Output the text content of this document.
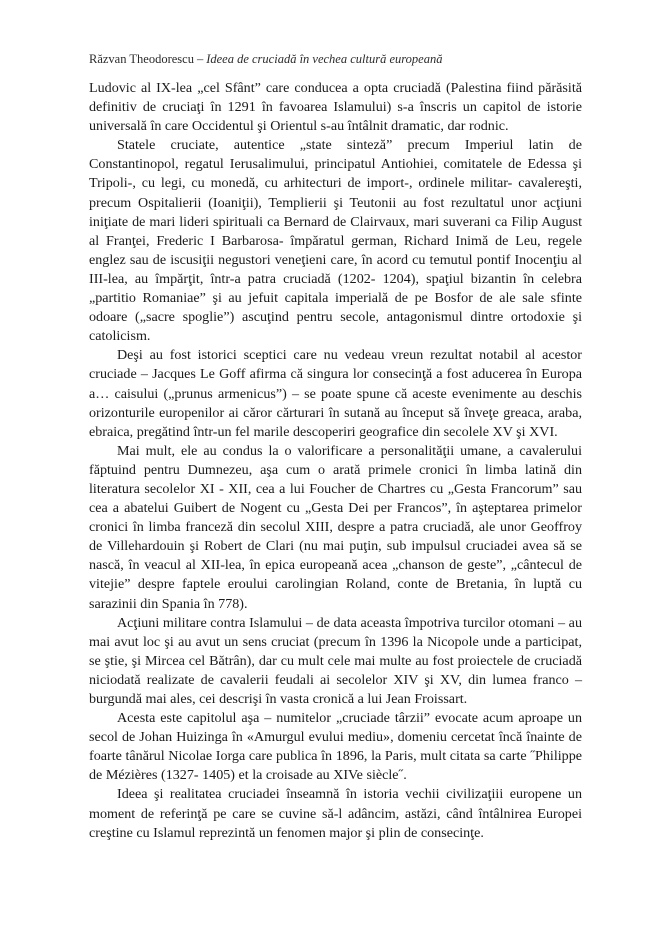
Răzvan Theodorescu – Ideea de cruciadă în vechea cultură europeană

Ludovic al IX-lea „cel Sfânt” care conducea a opta cruciadă (Palestina fiind părăsită definitiv de cruciaţi în 1291 în favoarea Islamului) s-a înscris un capitol de istorie universală în care Occidentul şi Orientul s-au întâlnit dramatic, dar rodnic.

Statele cruciate, autentice „state sinteză” precum Imperiul latin de Constantinopol, regatul Ierusalimului, principatul Antiohiei, comitatele de Edessa şi Tripoli-, cu legi, cu monedă, cu arhitecturi de import-, ordinele militar- cavalereşti, precum Ospitalierii (Ioaniţii), Templierii şi Teutonii au fost rezultatul unor acţiuni iniţiate de mari lideri spirituali ca Bernard de Clairvaux, mari suverani ca Filip August al Franţei, Frederic I Barbarosa- împăratul german, Richard Inimă de Leu, regele englez sau de iscusiţii negustori veneţieni care, în acord cu temutul pontif Inocenţiu al III-lea, au împărţit, într-a patra cruciadă (1202- 1204), spaţiul bizantin în celebra „partitio Romaniae” şi au jefuit capitala imperială de pe Bosfor de ale sale sfinte odoare („sacre spoglie”) ascuţind pentru secole, antagonismul dintre ortodoxie şi catolicism.

Deşi au fost istorici sceptici care nu vedeau vreun rezultat notabil al acestor cruciade – Jacques Le Goff afirma că singura lor consecinţă a fost aducerea în Europa a… caisului („prunus armenicus”) – se poate spune că aceste evenimente au deschis orizonturile europenilor ai căror cărturari în sutană au început să înveţe greaca, araba, ebraica, pregătind într-un fel marile descoperiri geografice din secolele XV şi XVI.

Mai mult, ele au condus la o valorificare a personalităţii umane, a cavalerului făptuind pentru Dumnezeu, aşa cum o arată primele cronici în limba latină din literatura secolelor XI - XII, cea a lui Foucher de Chartres cu „Gesta Francorum” sau cea a abatelui Guibert de Nogent cu „Gesta Dei per Francos”, în aşteptarea primelor cronici în limba franceză din secolul XIII, despre a patra cruciadă, ale unor Geoffroy de Villehardouin şi Robert de Clari (nu mai puţin, sub impulsul cruciadei avea să se nască, în veacul al XII-lea, în epica europeană acea „chanson de geste”, „cântecul de vitejie” despre faptele eroului carolingian Roland, conte de Bretania, în luptă cu sarazinii din Spania în 778).

Acţiuni militare contra Islamului – de data aceasta împotriva turcilor otomani – au mai avut loc şi au avut un sens cruciat (precum în 1396 la Nicopole unde a participat, se ştie, şi Mircea cel Bătrân), dar cu mult cele mai multe au fost proiectele de cruciadă niciodată realizate de cavalerii feudali ai secolelor XIV şi XV, din lumea franco – burgundă mai ales, cei descrişi în vasta cronică a lui Jean Froissart.

Acesta este capitolul aşa – numitelor „cruciade târzii” evocate acum aproape un secol de Johan Huizinga în «Amurgul evului mediu», domeniu cercetat încă înainte de foarte tânărul Nicolae Iorga care publica în 1896, la Paris, mult citata sa carte ˝Philippe de Mézières (1327- 1405) et la croisade au XIVe siècle˝.

Ideea şi realitatea cruciadei înseamnă în istoria vechii civilizaţiii europene un moment de referinţă pe care se cuvine să-l adâncim, astăzi, când întâlnirea Europei creştine cu Islamul reprezintă un fenomen major şi plin de consecinţe.
